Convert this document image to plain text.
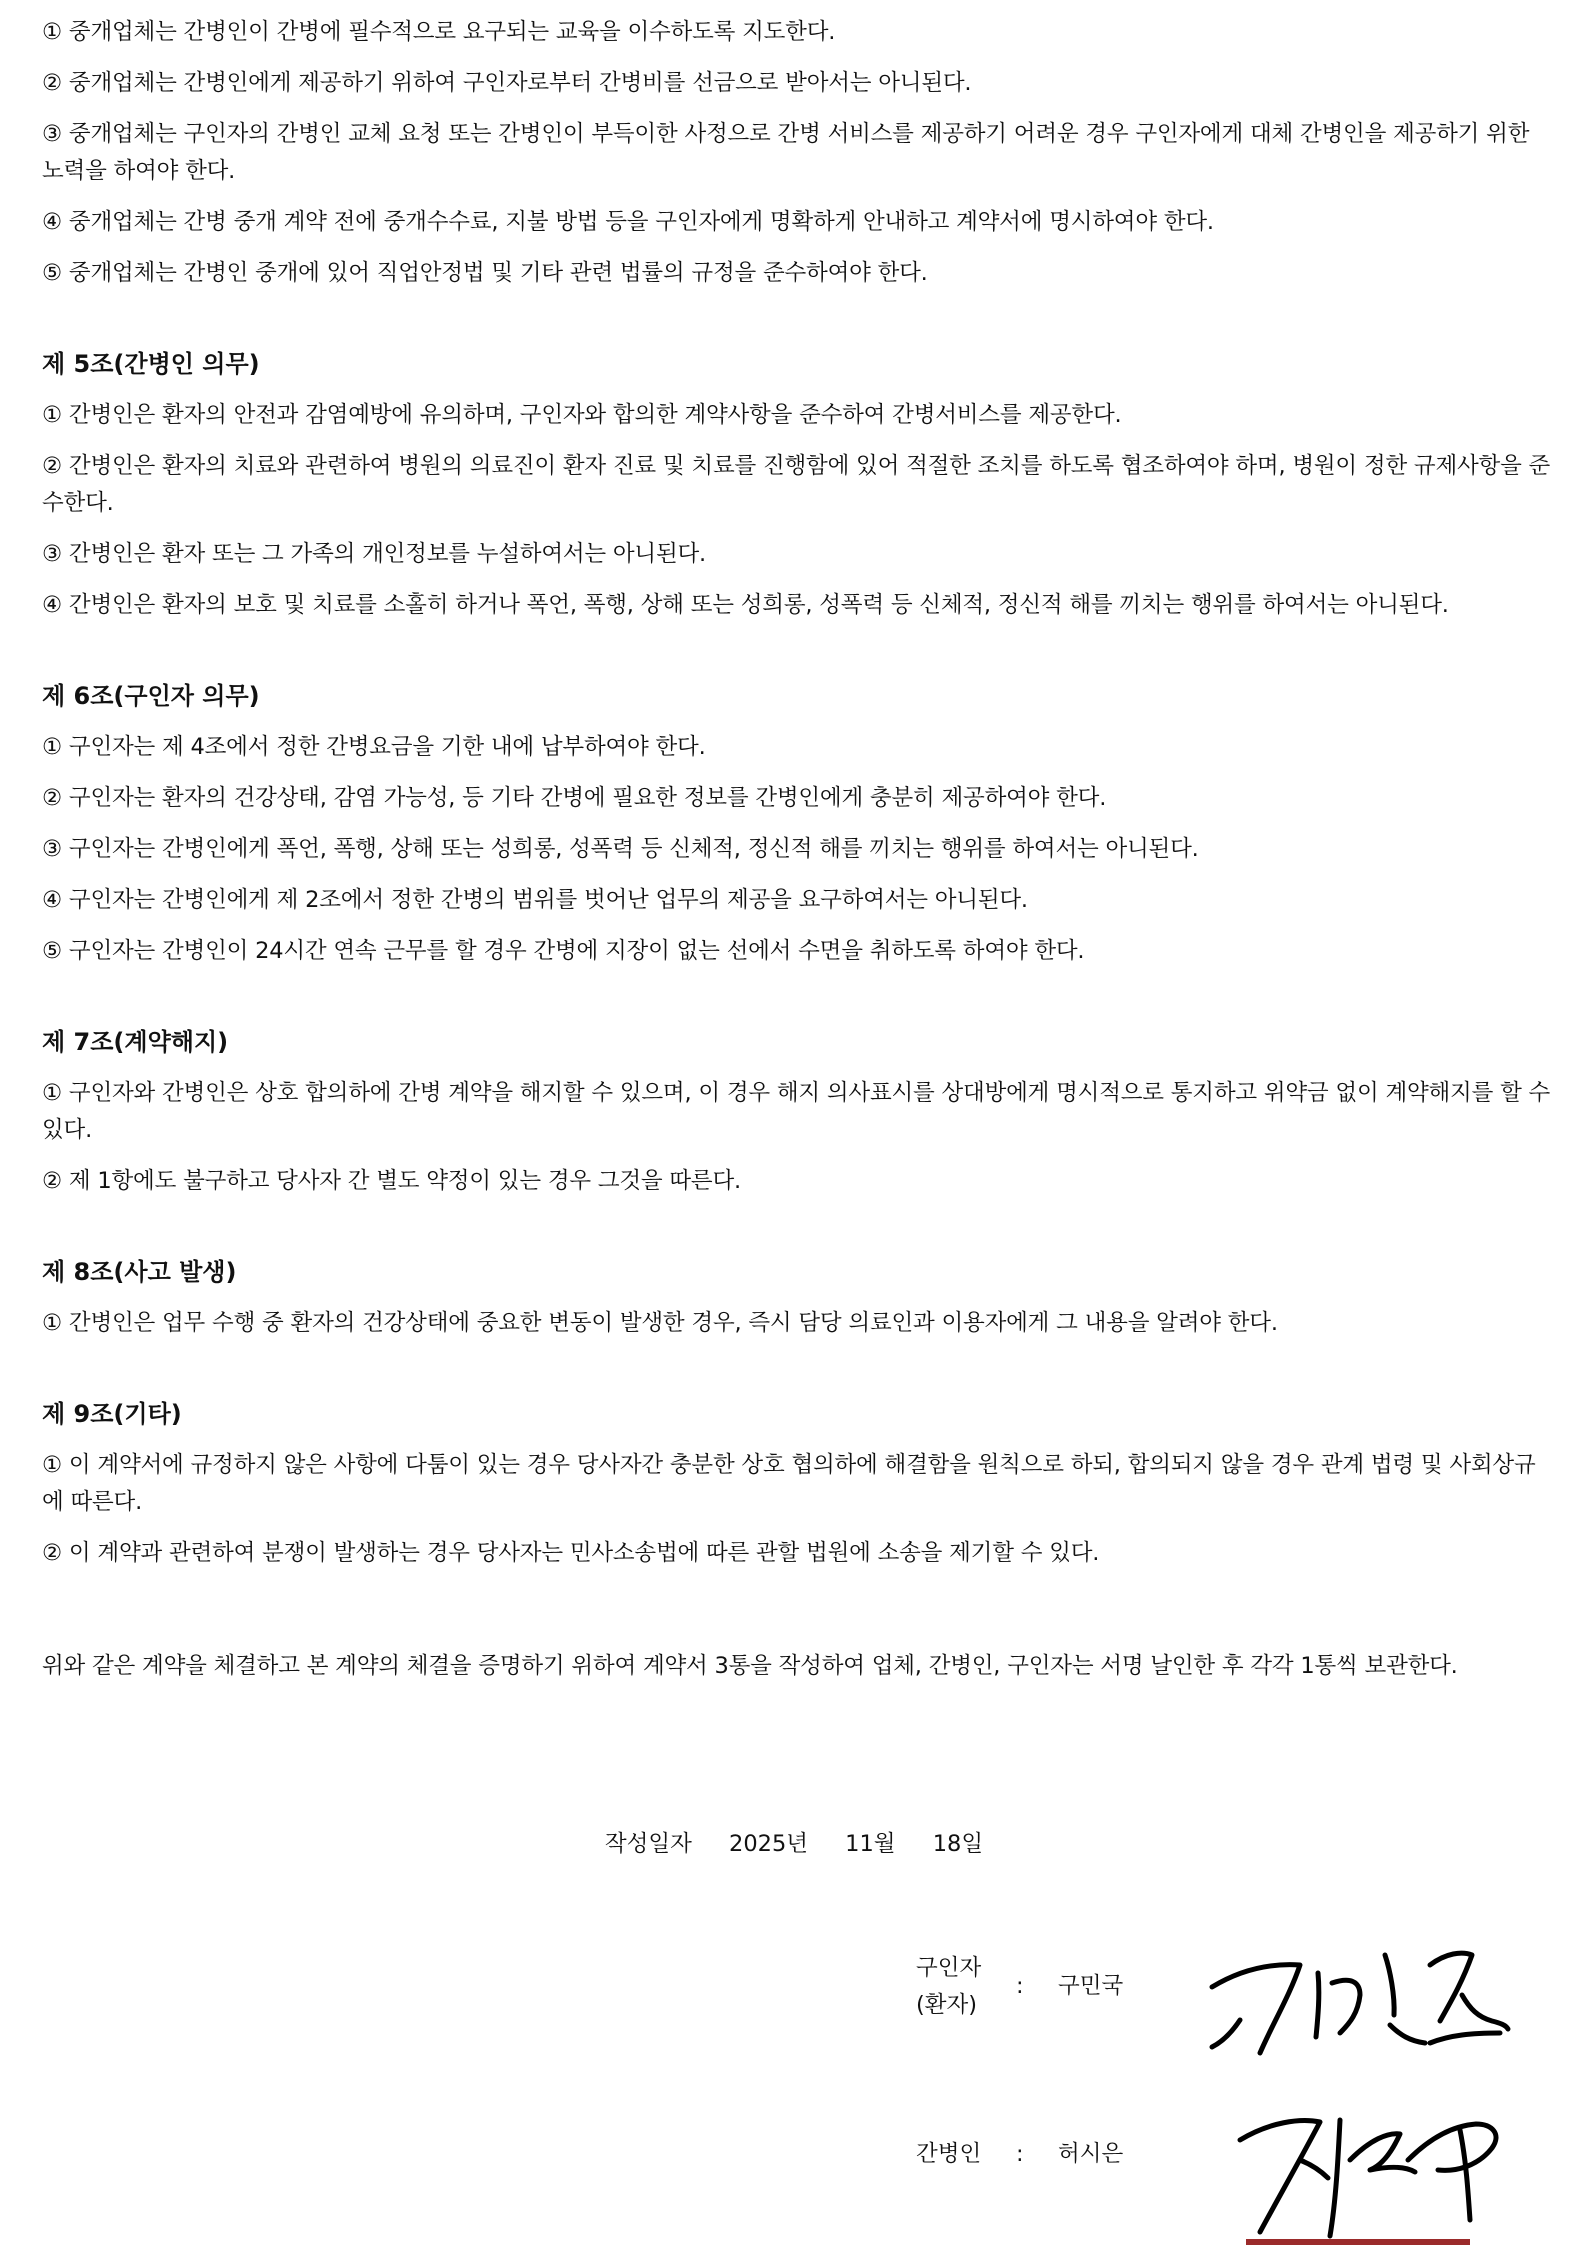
① 중개업체는 간병인이 간병에 필수적으로 요구되는 교육을 이수하도록 지도한다.

② 중개업체는 간병인에게 제공하기 위하여 구인자로부터 간병비를 선금으로 받아서는 아니된다.

③ 중개업체는 구인자의 간병인 교체 요청 또는 간병인이 부득이한 사정으로 간병 서비스를 제공하기 어려운 경우 구인자에게 대체 간병인을 제공하기 위한 노력을 하여야 한다.

④ 중개업체는 간병 중개 계약 전에 중개수수료, 지불 방법 등을 구인자에게 명확하게 안내하고 계약서에 명시하여야 한다.

⑤ 중개업체는 간병인 중개에 있어 직업안정법 및 기타 관련 법률의 규정을 준수하여야 한다.

제 5조(간병인 의무)

① 간병인은 환자의 안전과 감염예방에 유의하며, 구인자와 합의한 계약사항을 준수하여 간병서비스를 제공한다.

② 간병인은 환자의 치료와 관련하여 병원의 의료진이 환자 진료 및 치료를 진행함에 있어 적절한 조치를 하도록 협조하여야 하며, 병원이 정한 규제사항을 준수한다.

③ 간병인은 환자 또는 그 가족의 개인정보를 누설하여서는 아니된다.

④ 간병인은 환자의 보호 및 치료를 소홀히 하거나 폭언, 폭행, 상해 또는 성희롱, 성폭력 등 신체적, 정신적 해를 끼치는 행위를 하여서는 아니된다.

제 6조(구인자 의무)

① 구인자는 제 4조에서 정한 간병요금을 기한 내에 납부하여야 한다.

② 구인자는 환자의 건강상태, 감염 가능성, 등 기타 간병에 필요한 정보를 간병인에게 충분히 제공하여야 한다.

③ 구인자는 간병인에게 폭언, 폭행, 상해 또는 성희롱, 성폭력 등 신체적, 정신적 해를 끼치는 행위를 하여서는 아니된다.

④ 구인자는 간병인에게 제 2조에서 정한 간병의 범위를 벗어난 업무의 제공을 요구하여서는 아니된다.

⑤ 구인자는 간병인이 24시간 연속 근무를 할 경우 간병에 지장이 없는 선에서 수면을 취하도록 하여야 한다.

제 7조(계약해지)

① 구인자와 간병인은 상호 합의하에 간병 계약을 해지할 수 있으며, 이 경우 해지 의사표시를 상대방에게 명시적으로 통지하고 위약금 없이 계약해지를 할 수 있다.

② 제 1항에도 불구하고 당사자 간 별도 약정이 있는 경우 그것을 따른다.

제 8조(사고 발생)

① 간병인은 업무 수행 중 환자의 건강상태에 중요한 변동이 발생한 경우, 즉시 담당 의료인과 이용자에게 그 내용을 알려야 한다.

제 9조(기타)

① 이 계약서에 규정하지 않은 사항에 다툼이 있는 경우 당사자간 충분한 상호 협의하에 해결함을 원칙으로 하되, 합의되지 않을 경우 관계 법령 및 사회상규에 따른다.

② 이 계약과 관련하여 분쟁이 발생하는 경우 당사자는 민사소송법에 따른 관할 법원에 소송을 제기할 수 있다.

위와 같은 계약을 체결하고 본 계약의 체결을 증명하기 위하여 계약서 3통을 작성하여 업체, 간병인, 구인자는 서명 날인한 후 각각 1통씩 보관한다.

작성일자 2025년 11월 18일
구인자
(환자)
: 구민국
간병인	: 허시은
